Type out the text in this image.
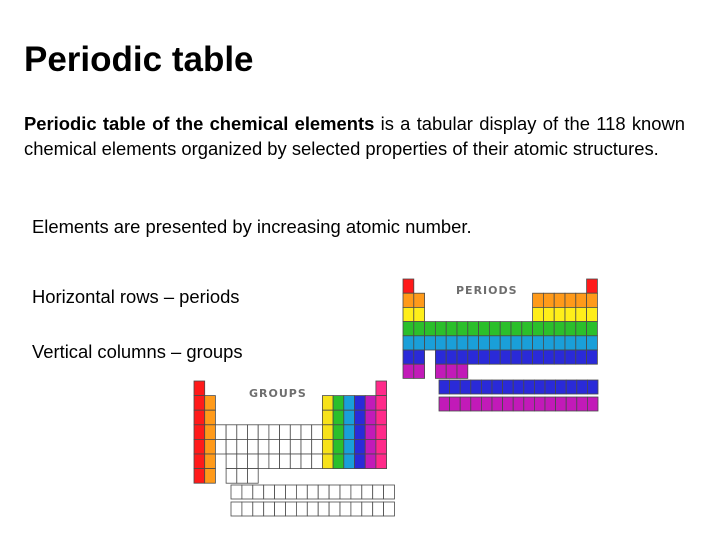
Periodic table

Periodic table of the chemical elements is a tabular display of the 118 known chemical elements organized by selected properties of their atomic structures.

Elements are presented by increasing atomic number.
Horizontal rows – periods
Vertical columns – groups
PERIODS
GROUPS
